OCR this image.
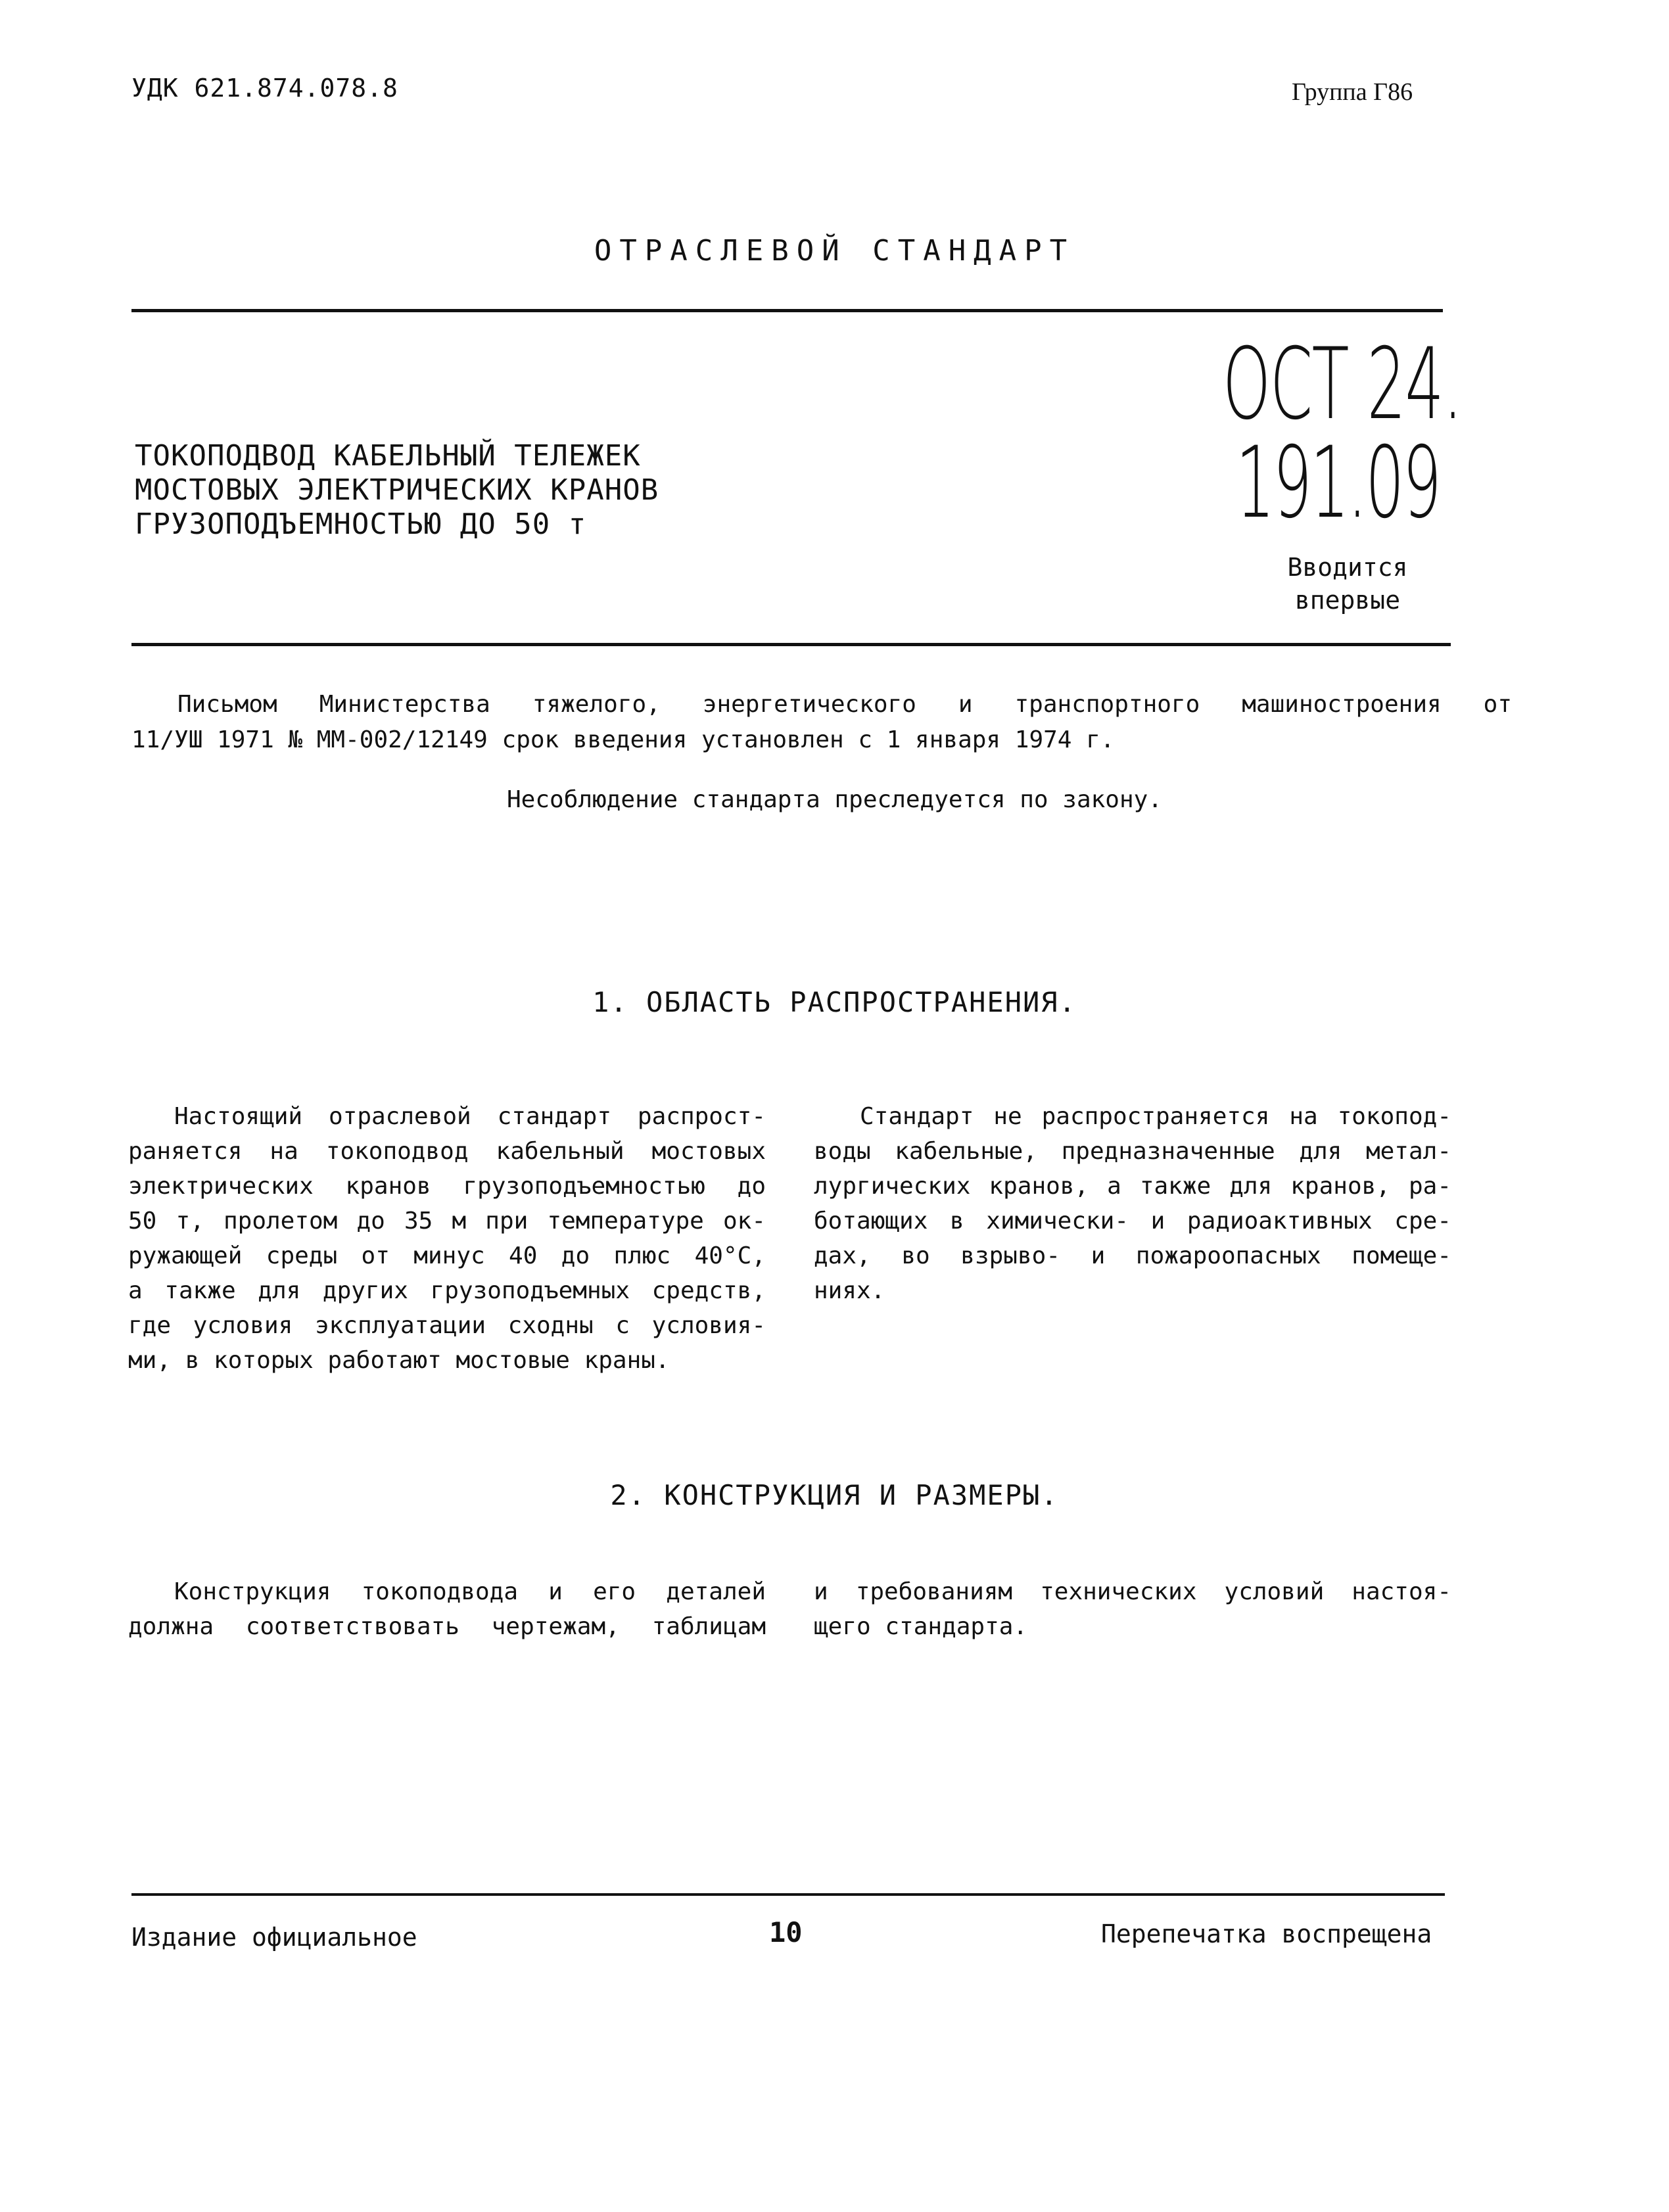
УДК 621.874.078.8	Группа Г86
ОТРАСЛЕВОЙ СТАНДАРТ
ТОКОПОДВОД КАБЕЛЬНЫЙ ТЕЛЕЖЕК
МОСТОВЫХ ЭЛЕКТРИЧЕСКИХ КРАНОВ
ГРУЗОПОДЪЕМНОСТЬЮ ДО 50 т
ОСТ 24.
191.09
Вводится
впервые
Письмом Министерства тяжелого, энергетического и транспортного машиностроения от
11/УШ 1971 № ММ-002/12149 срок введения установлен с 1 января 1974 г.
Несоблюдение стандарта преследуется по закону.
1. ОБЛАСТЬ РАСПРОСТРАНЕНИЯ.
Настоящий отраслевой стандарт распрост-
раняется на токоподвод кабельный мостовых
электрических кранов грузоподъемностью до
50 т, пролетом до 35 м при температуре ок-
ружающей среды от минус 40 до плюс 40°С,
а также для других грузоподъемных средств,
где условия эксплуатации сходны с условия-
ми, в которых работают мостовые краны.
Стандарт не распространяется на токопод-
воды кабельные, предназначенные для метал-
лургических кранов, а также для кранов, ра-
ботающих в химически- и радиоактивных сре-
дах, во взрыво- и пожароопасных помеще-
ниях.
2. КОНСТРУКЦИЯ И РАЗМЕРЫ.
Конструкция токоподвода и его деталей
должна соответствовать чертежам, таблицам
и требованиям технических условий настоя-
щего стандарта.
Издание официальное	10	Перепечатка воспрещена
